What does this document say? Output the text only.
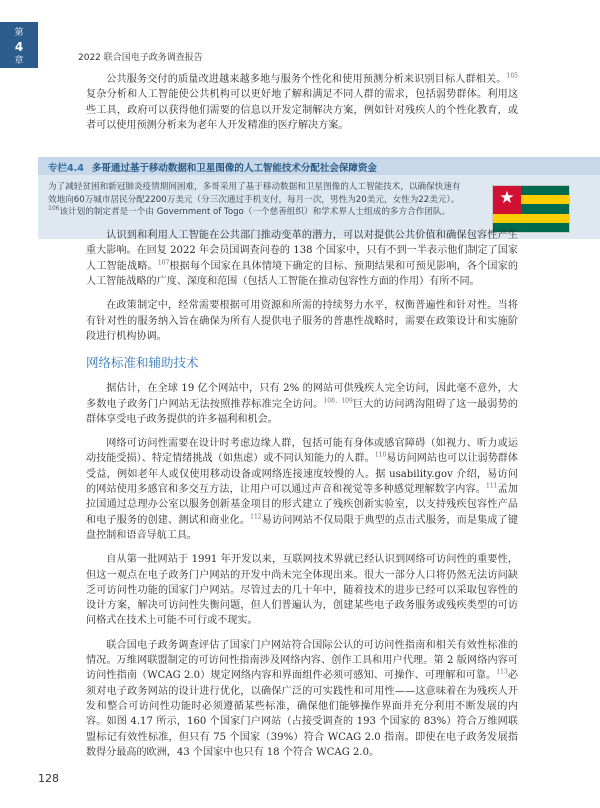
第
4
章	2022 联合国电子政务调查报告
专栏4.4 多哥通过基于移动数据和卫星图像的人工智能技术分配社会保障资金
为了减轻贫困和新冠肺炎疫情期间困难，多哥采用了基于移动数据和卫星图像的人工智能技术，以确保快速有效地向60万城市居民分配2200万美元（分三次通过手机支付，每月一次，男性为20美元，女性为22美元）。$^{106}$该计划的制定者是一个由 Government of Togo（一个慈善组织）和学术界人士组成的多方合作团队。
★

公共服务交付的质量改进越来越多地与服务个性化和使用预测分析来识别目标人群相关。$^{105}$复杂分析和人工智能使公共机构可以更好地了解和满足不同人群的需求，包括弱势群体。利用这些工具，政府可以获得他们需要的信息以开发定制解决方案，例如针对残疾人的个性化教育，或者可以使用预测分析来为老年人开发精准的医疗解决方案。

认识到和利用人工智能在公共部门推动变革的潜力，可以对提供公共价值和确保包容性产生重大影响。在回复 2022 年会员国调查问卷的 138 个国家中，只有不到一半表示他们制定了国家人工智能战略。$^{107}$根据每个国家在具体情境下确定的目标、预期结果和可预见影响，各个国家的人工智能战略的广度、深度和范围（包括人工智能在推动包容性方面的作用）有所不同。

在政策制定中，经常需要根据可用资源和所需的持续努力水平，权衡普遍性和针对性。当将有针对性的服务纳入旨在确保为所有人提供电子服务的普惠性战略时，需要在政策设计和实施阶段进行机构协调。

网络标准和辅助技术

据估计，在全球 19 亿个网站中，只有 2% 的网站可供残疾人完全访问，因此毫不意外，大多数电子政务门户网站无法按照推荐标准完全访问。$^{108、109}$巨大的访问鸿沟阻碍了这一最弱势的群体享受电子政务提供的许多福利和机会。

网络可访问性需要在设计时考虑边缘人群，包括可能有身体或感官障碍（如视力、听力或运动技能受损）、特定情绪挑战（如焦虑）或不同认知能力的人群。$^{110}$易访问网站也可以让弱势群体受益，例如老年人或仅使用移动设备或网络连接速度较慢的人。据 usability.gov 介绍，易访问的网站使用多感官和多交互方法，让用户可以通过声音和视觉等多种感觉理解数字内容。$^{111}$孟加拉国通过总理办公室以服务创新基金项目的形式建立了残疾创新实验室，以支持残疾包容性产品和电子服务的创建、测试和商业化。$^{112}$易访问网站不仅局限于典型的点击式服务，而是集成了键盘控制和语音导航工具。

自从第一批网站于 1991 年开发以来，互联网技术界就已经认识到网络可访问性的重要性，但这一观点在电子政务门户网站的开发中尚未完全体现出来。很大一部分人口将仍然无法访问缺乏可访问性功能的国家门户网站。尽管过去的几十年中，随着技术的进步已经可以采取包容性的设计方案，解决可访问性失衡问题，但人们普遍认为，创建某些电子政务服务或残疾类型的可访问格式在技术上可能不可行或不现实。

联合国电子政务调查评估了国家门户网站符合国际公认的可访问性指南和相关有效性标准的情况。万维网联盟制定的可访问性指南涉及网络内容、创作工具和用户代理。第 2 版网络内容可访问性指南（WCAG 2.0）规定网络内容和界面组件必须可感知、可操作、可理解和可靠。$^{113}$必须对电子政务网站的设计进行优化，以确保广泛的可实践性和可用性——这意味着在为残疾人开发和整合可访问性功能时必须遵循某些标准，确保他们能够操作界面并充分利用不断发展的内容。如图 4.17 所示，160 个国家门户网站（占接受调查的 193 个国家的 83%）符合万维网联盟标记有效性标准，但只有 75 个国家（39%）符合 WCAG 2.0 指南。即使在电子政务发展指数得分最高的欧洲，43 个国家中也只有 18 个符合 WCAG 2.0。

128
